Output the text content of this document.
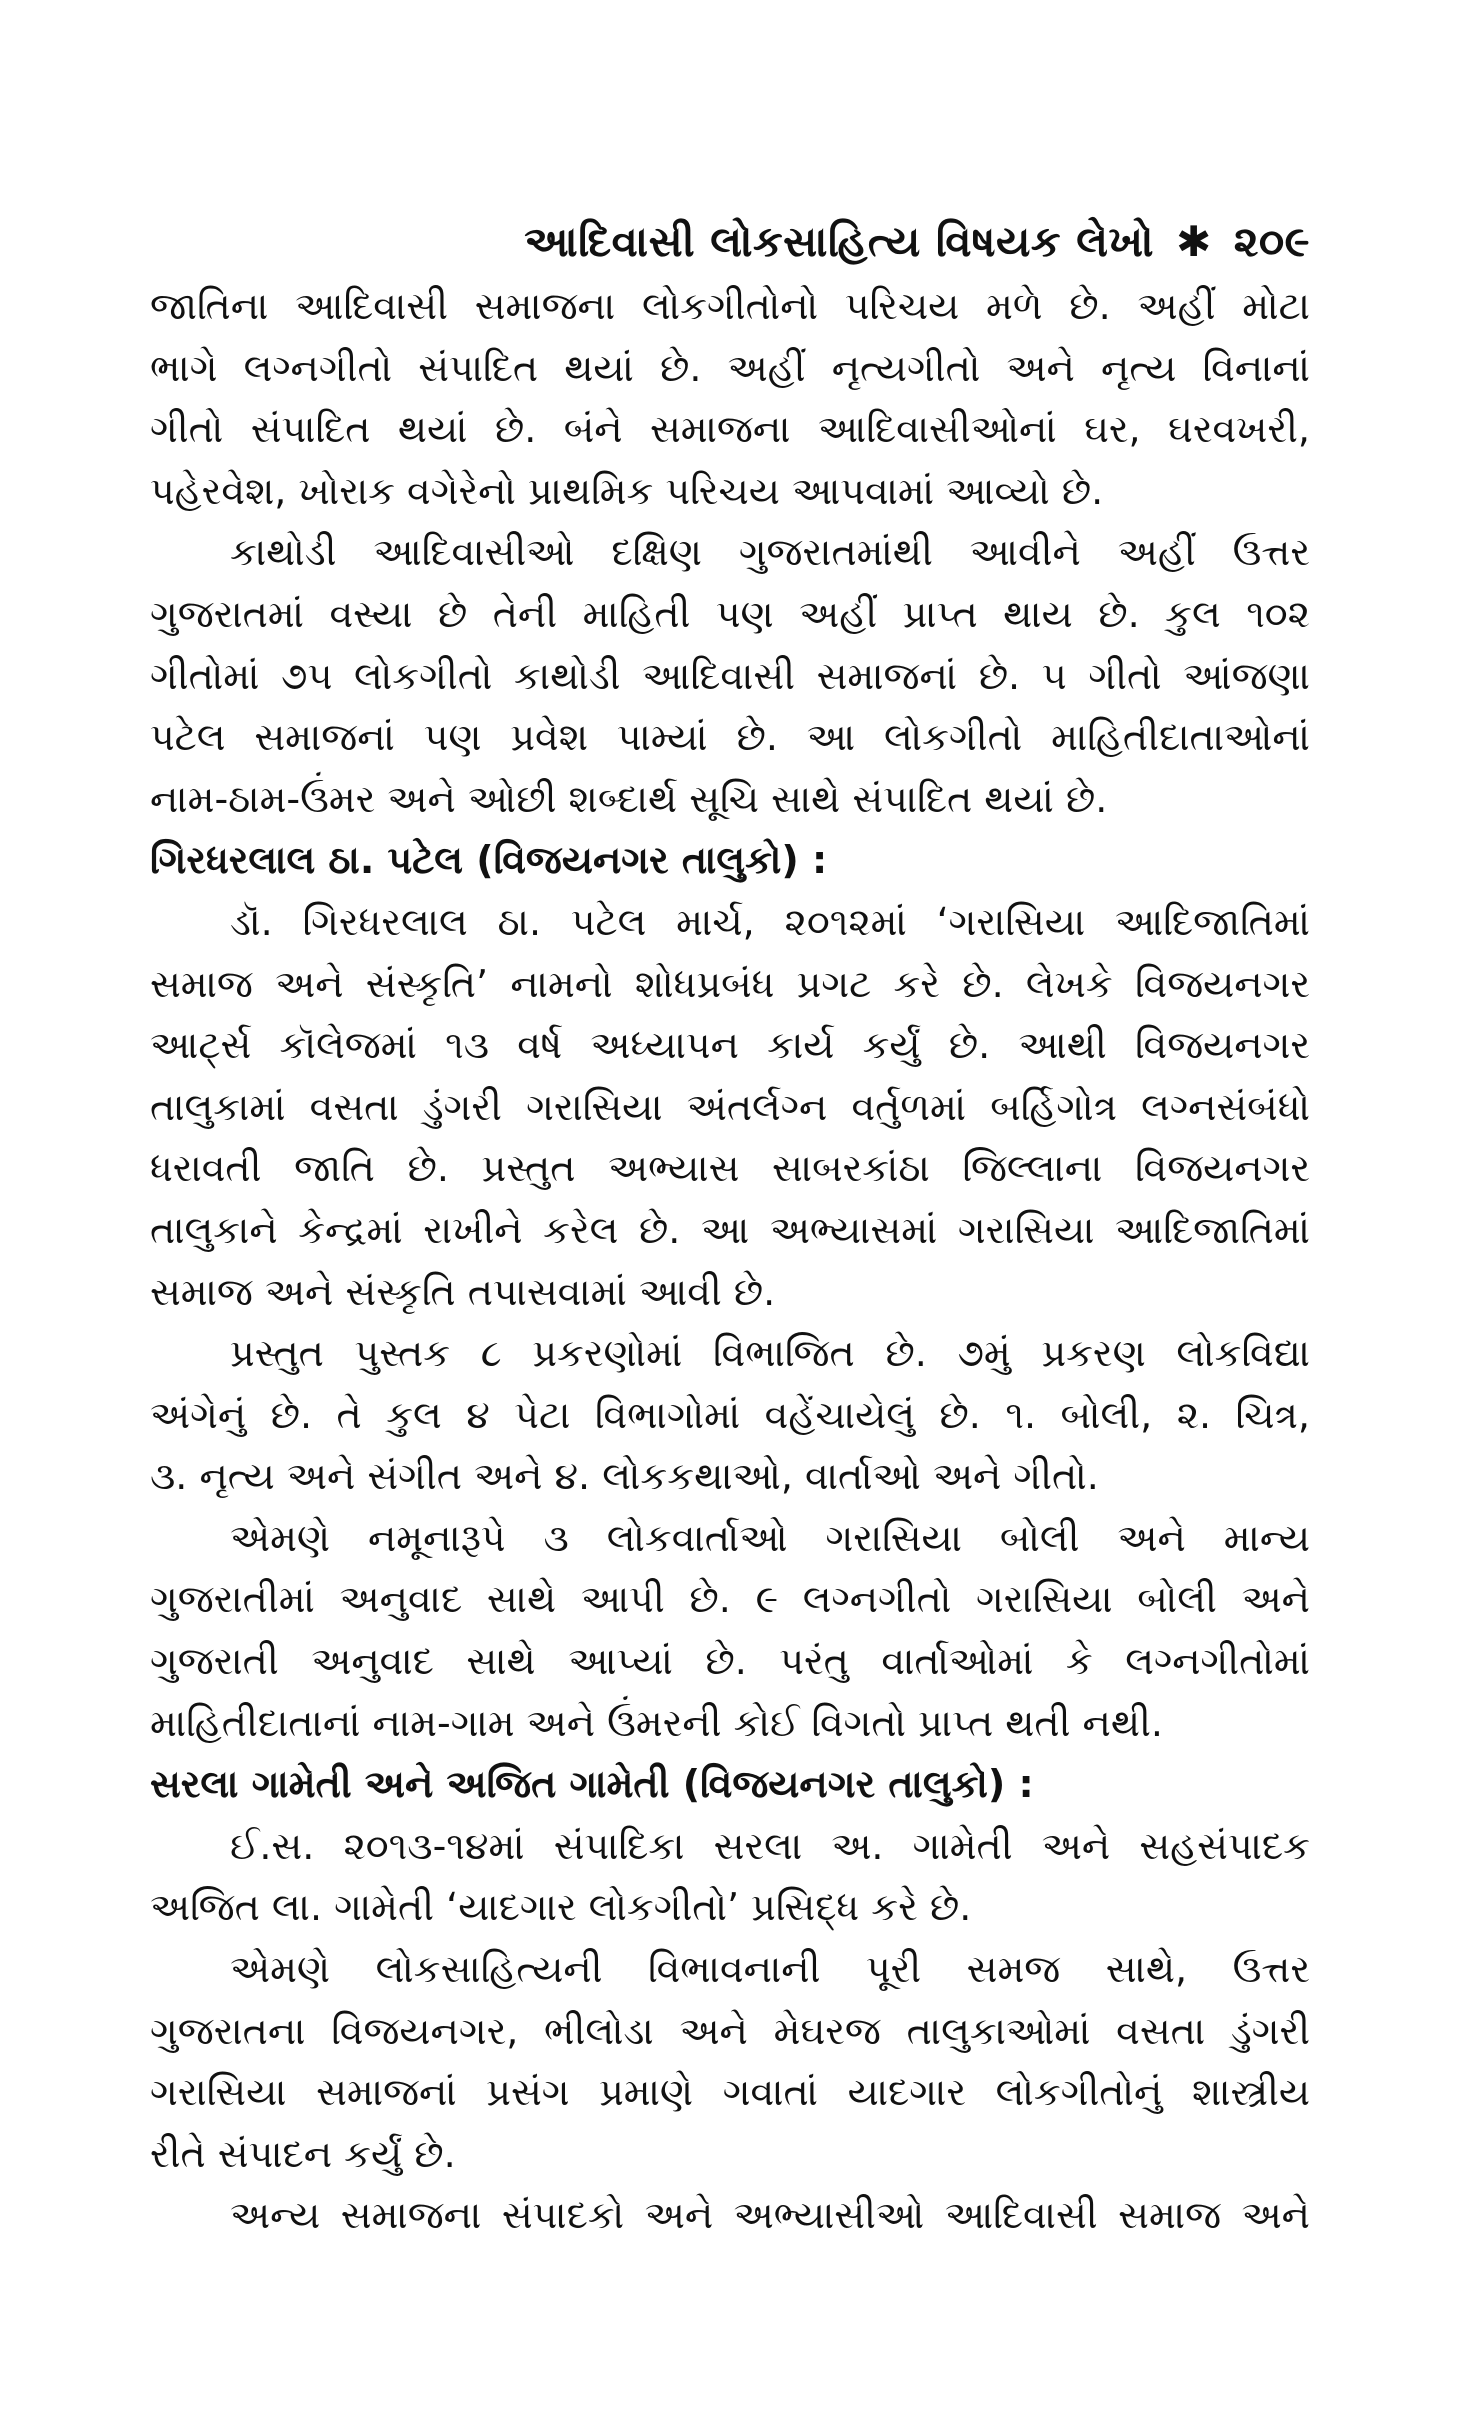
આદિવાસી લોકસાહિત્ય વિષયક લેખો ✱ ૨૦૯
જાતિના આદિવાસી સમાજના લોકગીતોનો પરિચય મળે છે. અહીં મોટા
ભાગે લગ્નગીતો સંપાદિત થયાં છે. અહીં નૃત્યગીતો અને નૃત્ય વિનાનાં
ગીતો સંપાદિત થયાં છે. બંને સમાજના આદિવાસીઓનાં ઘર, ઘરવખરી,
પહેરવેશ, ખોરાક વગેરેનો પ્રાથમિક પરિચય આપવામાં આવ્યો છે.
કાથોડી આદિવાસીઓ દક્ષિણ ગુજરાતમાંથી આવીને અહીં ઉત્તર
ગુજરાતમાં વસ્યા છે તેની માહિતી પણ અહીં પ્રાપ્ત થાય છે. કુલ ૧૦૨
ગીતોમાં ૭૫ લોકગીતો કાથોડી આદિવાસી સમાજનાં છે. ૫ ગીતો આંજણા
પટેલ સમાજનાં પણ પ્રવેશ પામ્યાં છે. આ લોકગીતો માહિતીદાતાઓનાં
નામ-ઠામ-ઉંમર અને ઓછી શબ્દાર્થ સૂચિ સાથે સંપાદિત થયાં છે.
ગિરધરલાલ ઠા. પટેલ (વિજયનગર તાલુકો) :
ડૉ. ગિરધરલાલ ઠા. પટેલ માર્ચ, ૨૦૧૨માં ‘ગરાસિયા આદિજાતિમાં
સમાજ અને સંસ્કૃતિ’ નામનો શોધપ્રબંધ પ્રગટ કરે છે. લેખકે વિજયનગર
આર્ટ્સ કૉલેજમાં ૧૩ વર્ષ અધ્યાપન કાર્ય કર્યું છે. આથી વિજયનગર
તાલુકામાં વસતા ડુંગરી ગરાસિયા અંતર્લગ્ન વર્તુળમાં બર્હિગોત્ર લગ્નસંબંધો
ધરાવતી જાતિ છે. પ્રસ્તુત અભ્યાસ સાબરકાંઠા જિલ્લાના વિજયનગર
તાલુકાને કેન્દ્રમાં રાખીને કરેલ છે. આ અભ્યાસમાં ગરાસિયા આદિજાતિમાં
સમાજ અને સંસ્કૃતિ તપાસવામાં આવી છે.
પ્રસ્તુત પુસ્તક ૮ પ્રકરણોમાં વિભાજિત છે. ૭મું પ્રકરણ લોકવિદ્યા
અંગેનું છે. તે કુલ ૪ પેટા વિભાગોમાં વહેંચાયેલું છે. ૧. બોલી, ૨. ચિત્ર,
૩. નૃત્ય અને સંગીત અને ૪. લોકકથાઓ, વાર્તાઓ અને ગીતો.
એમણે નમૂનારૂપે ૩ લોકવાર્તાઓ ગરાસિયા બોલી અને માન્ય
ગુજરાતીમાં અનુવાદ સાથે આપી છે. ૯ લગ્નગીતો ગરાસિયા બોલી અને
ગુજરાતી અનુવાદ સાથે આપ્યાં છે. પરંતુ વાર્તાઓમાં કે લગ્નગીતોમાં
માહિતીદાતાનાં નામ-ગામ અને ઉંમરની કોઈ વિગતો પ્રાપ્ત થતી નથી.
સરલા ગામેતી અને અજિત ગામેતી (વિજયનગર તાલુકો) :
ઈ.સ. ૨૦૧૩-૧૪માં સંપાદિકા સરલા અ. ગામેતી અને સહસંપાદક
અજિત લા. ગામેતી ‘યાદગાર લોકગીતો’ પ્રસિદ્ધ કરે છે.
એમણે લોકસાહિત્યની વિભાવનાની પૂરી સમજ સાથે, ઉત્તર
ગુજરાતના વિજયનગર, ભીલોડા અને મેઘરજ તાલુકાઓમાં વસતા ડુંગરી
ગરાસિયા સમાજનાં પ્રસંગ પ્રમાણે ગવાતાં યાદગાર લોકગીતોનું શાસ્ત્રીય
રીતે સંપાદન કર્યું છે.
અન્ય સમાજના સંપાદકો અને અભ્યાસીઓ આદિવાસી સમાજ અને
